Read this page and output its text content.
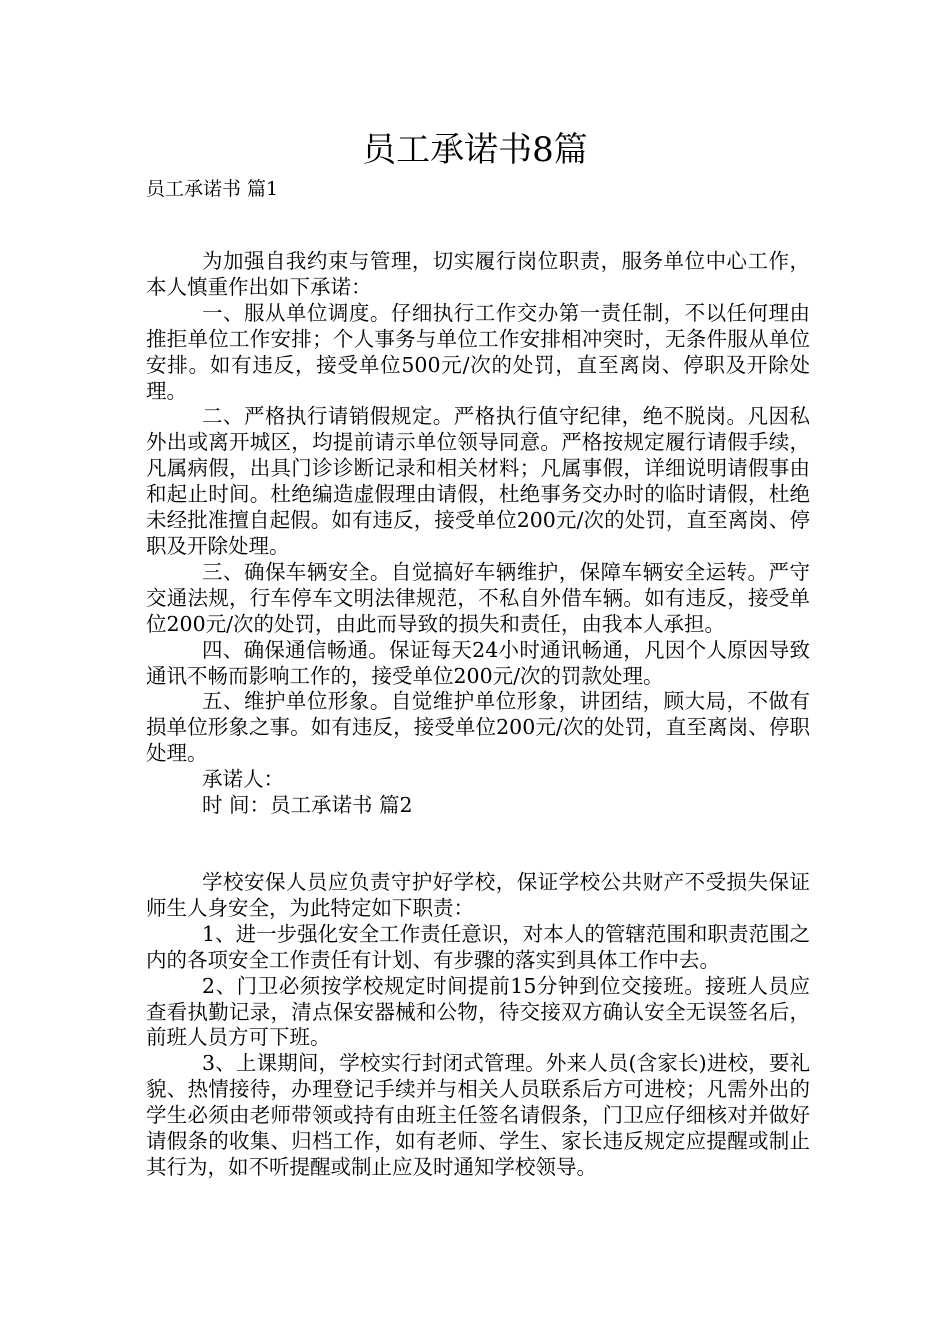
员工承诺书8篇
员工承诺书 篇1

为加强自我约束与管理，切实履行岗位职责，服务单位中心工作，本人慎重作出如下承诺：

一、服从单位调度。仔细执行工作交办第一责任制，不以任何理由推拒单位工作安排；个人事务与单位工作安排相冲突时，无条件服从单位安排。如有违反，接受单位500元/次的处罚，直至离岗、停职及开除处理。

二、严格执行请销假规定。严格执行值守纪律，绝不脱岗。凡因私外出或离开城区，均提前请示单位领导同意。严格按规定履行请假手续，凡属病假，出具门诊诊断记录和相关材料；凡属事假，详细说明请假事由和起止时间。杜绝编造虚假理由请假，杜绝事务交办时的临时请假，杜绝未经批准擅自起假。如有违反，接受单位200元/次的处罚，直至离岗、停职及开除处理。

三、确保车辆安全。自觉搞好车辆维护，保障车辆安全运转。严守交通法规，行车停车文明法律规范，不私自外借车辆。如有违反，接受单位200元/次的处罚，由此而导致的损失和责任，由我本人承担。

四、确保通信畅通。保证每天24小时通讯畅通，凡因个人原因导致通讯不畅而影响工作的，接受单位200元/次的罚款处理。

五、维护单位形象。自觉维护单位形象，讲团结，顾大局，不做有损单位形象之事。如有违反，接受单位200元/次的处罚，直至离岗、停职处理。

承诺人：

时 间：员工承诺书 篇2

学校安保人员应负责守护好学校，保证学校公共财产不受损失保证师生人身安全，为此特定如下职责：

1、进一步强化安全工作责任意识，对本人的管辖范围和职责范围之内的各项安全工作责任有计划、有步骤的落实到具体工作中去。

2、门卫必须按学校规定时间提前15分钟到位交接班。接班人员应查看执勤记录，清点保安器械和公物，待交接双方确认安全无误签名后，前班人员方可下班。

3、上课期间，学校实行封闭式管理。外来人员(含家长)进校，要礼貌、热情接待，办理登记手续并与相关人员联系后方可进校；凡需外出的学生必须由老师带领或持有由班主任签名请假条，门卫应仔细核对并做好请假条的收集、归档工作，如有老师、学生、家长违反规定应提醒或制止其行为，如不听提醒或制止应及时通知学校领导。
